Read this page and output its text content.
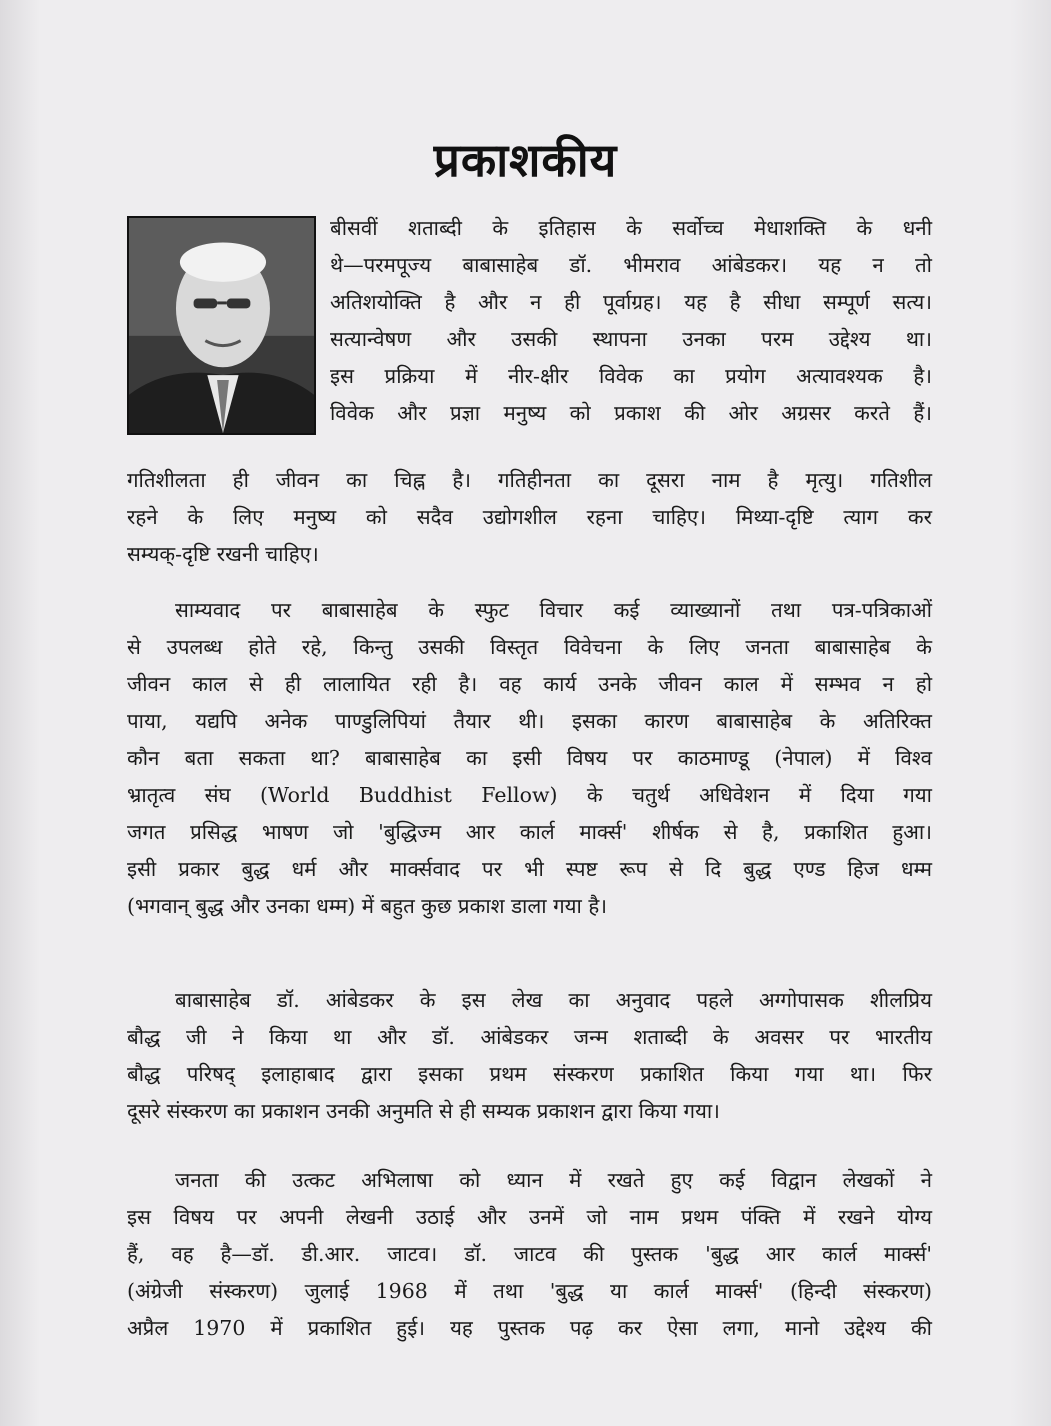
प्रकाशकीय
बीसवीं शताब्दी के इतिहास के सर्वोच्च मेधाशक्ति के धनी
थे—परमपूज्य बाबासाहेब डॉ. भीमराव आंबेडकर। यह न तो
अतिशयोक्ति है और न ही पूर्वाग्रह। यह है सीधा सम्पूर्ण सत्य।
सत्यान्वेषण और उसकी स्थापना उनका परम उद्देश्य था।
इस प्रक्रिया में नीर-क्षीर विवेक का प्रयोग अत्यावश्यक है।
विवेक और प्रज्ञा मनुष्य को प्रकाश की ओर अग्रसर करते हैं।
गतिशीलता ही जीवन का चिह्न है। गतिहीनता का दूसरा नाम है मृत्यु। गतिशील
रहने के लिए मनुष्य को सदैव उद्योगशील रहना चाहिए। मिथ्या-दृष्टि त्याग कर
सम्यक्-दृष्टि रखनी चाहिए।
साम्यवाद पर बाबासाहेब के स्फुट विचार कई व्याख्यानों तथा पत्र-पत्रिकाओं
से उपलब्ध होते रहे, किन्तु उसकी विस्तृत विवेचना के लिए जनता बाबासाहेब के
जीवन काल से ही लालायित रही है। वह कार्य उनके जीवन काल में सम्भव न हो
पाया, यद्यपि अनेक पाण्डुलिपियां तैयार थी। इसका कारण बाबासाहेब के अतिरिक्त
कौन बता सकता था? बाबासाहेब का इसी विषय पर काठमाण्डू (नेपाल) में विश्व
भ्रातृत्व संघ (World Buddhist Fellow) के चतुर्थ अधिवेशन में दिया गया
जगत प्रसिद्ध भाषण जो 'बुद्धिज्म आर कार्ल मार्क्स' शीर्षक से है, प्रकाशित हुआ।
इसी प्रकार बुद्ध धर्म और मार्क्सवाद पर भी स्पष्ट रूप से दि बुद्ध एण्ड हिज धम्म
(भगवान् बुद्ध और उनका धम्म) में बहुत कुछ प्रकाश डाला गया है।
बाबासाहेब डॉ. आंबेडकर के इस लेख का अनुवाद पहले अग्गोपासक शीलप्रिय
बौद्ध जी ने किया था और डॉ. आंबेडकर जन्म शताब्दी के अवसर पर भारतीय
बौद्ध परिषद् इलाहाबाद द्वारा इसका प्रथम संस्करण प्रकाशित किया गया था। फिर
दूसरे संस्करण का प्रकाशन उनकी अनुमति से ही सम्यक प्रकाशन द्वारा किया गया।
जनता की उत्कट अभिलाषा को ध्यान में रखते हुए कई विद्वान लेखकों ने
इस विषय पर अपनी लेखनी उठाई और उनमें जो नाम प्रथम पंक्ति में रखने योग्य
हैं, वह है—डॉ. डी.आर. जाटव। डॉ. जाटव की पुस्तक 'बुद्ध आर कार्ल मार्क्स'
(अंग्रेजी संस्करण) जुलाई 1968 में तथा 'बुद्ध या कार्ल मार्क्स' (हिन्दी संस्करण)
अप्रैल 1970 में प्रकाशित हुई। यह पुस्तक पढ़ कर ऐसा लगा, मानो उद्देश्य की
